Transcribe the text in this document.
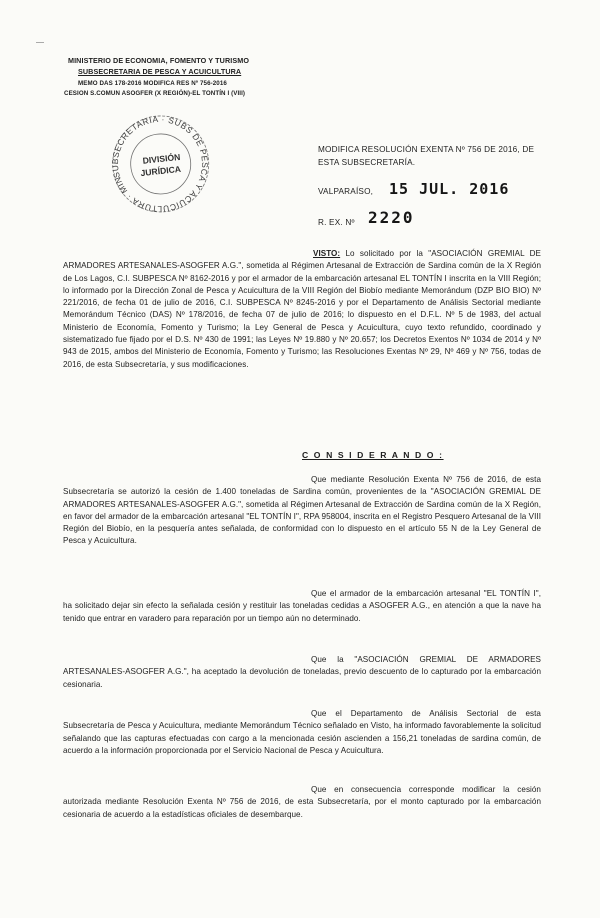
MINISTERIO DE ECONOMIA, FOMENTO Y TURISMO
SUBSECRETARIA DE PESCA Y ACUICULTURA
MEMO DAS 178-2016 MODIFICA RES Nº 756-2016
CESION S.COMUN ASOGFER (X REGIÓN)-EL TONTÍN I (VIII)
SUBSECRETARIA · SUBS DE PESCA Y ACUICULTURA · MINISTERIO
DIVISIÓN
JURÍDICA
MODIFICA RESOLUCIÓN EXENTA Nº 756 DE 2016, DE
ESTA SUBSECRETARÍA.
VALPARAÍSO, 15 JUL. 2016
R. EX. Nº 2220

VISTO: Lo solicitado por la "ASOCIACIÓN GREMIAL DE ARMADORES ARTESANALES-ASOGFER A.G.", sometida al Régimen Artesanal de Extracción de Sardina común de la X Región de Los Lagos, C.I. SUBPESCA Nº 8162-2016 y por el armador de la embarcación artesanal EL TONTÍN I inscrita en la VIII Región; lo informado por la Dirección Zonal de Pesca y Acuicultura de la VIII Región del Biobío mediante Memorándum (DZP BIO BIO) Nº 221/2016, de fecha 01 de julio de 2016, C.I. SUBPESCA Nº 8245-2016 y por el Departamento de Análisis Sectorial mediante Memorándum Técnico (DAS) Nº 178/2016, de fecha 07 de julio de 2016; lo dispuesto en el D.F.L. Nº 5 de 1983, del actual Ministerio de Economía, Fomento y Turismo; la Ley General de Pesca y Acuicultura, cuyo texto refundido, coordinado y sistematizado fue fijado por el D.S. Nº 430 de 1991; las Leyes Nº 19.880 y Nº 20.657; los Decretos Exentos Nº 1034 de 2014 y Nº 943 de 2015, ambos del Ministerio de Economía, Fomento y Turismo; las Resoluciones Exentas Nº 29, Nº 469 y Nº 756, todas de 2016, de esta Subsecretaría, y sus modificaciones.

C O N S I D E R A N D O :

Que mediante Resolución Exenta Nº 756 de 2016, de esta Subsecretaría se autorizó la cesión de 1.400 toneladas de Sardina común, provenientes de la "ASOCIACIÓN GREMIAL DE ARMADORES ARTESANALES-ASOGFER A.G.", sometida al Régimen Artesanal de Extracción de Sardina común de la X Región, en favor del armador de la embarcación artesanal "EL TONTÍN I", RPA 958004, inscrita en el Registro Pesquero Artesanal de la VIII Región del Biobío, en la pesquería antes señalada, de conformidad con lo dispuesto en el artículo 55 N de la Ley General de Pesca y Acuicultura.

Que el armador de la embarcación artesanal "EL TONTÍN I", ha solicitado dejar sin efecto la señalada cesión y restituir las toneladas cedidas a ASOGFER A.G., en atención a que la nave ha tenido que entrar en varadero para reparación por un tiempo aún no determinado.

Que la "ASOCIACIÓN GREMIAL DE ARMADORES ARTESANALES-ASOGFER A.G.", ha aceptado la devolución de toneladas, previo descuento de lo capturado por la embarcación cesionaria.

Que el Departamento de Análisis Sectorial de esta Subsecretaría de Pesca y Acuicultura, mediante Memorándum Técnico señalado en Visto, ha informado favorablemente la solicitud señalando que las capturas efectuadas con cargo a la mencionada cesión ascienden a 156,21 toneladas de sardina común, de acuerdo a la información proporcionada por el Servicio Nacional de Pesca y Acuicultura.

Que en consecuencia corresponde modificar la cesión autorizada mediante Resolución Exenta Nº 756 de 2016, de esta Subsecretaría, por el monto capturado por la embarcación cesionaria de acuerdo a la estadísticas oficiales de desembarque.
